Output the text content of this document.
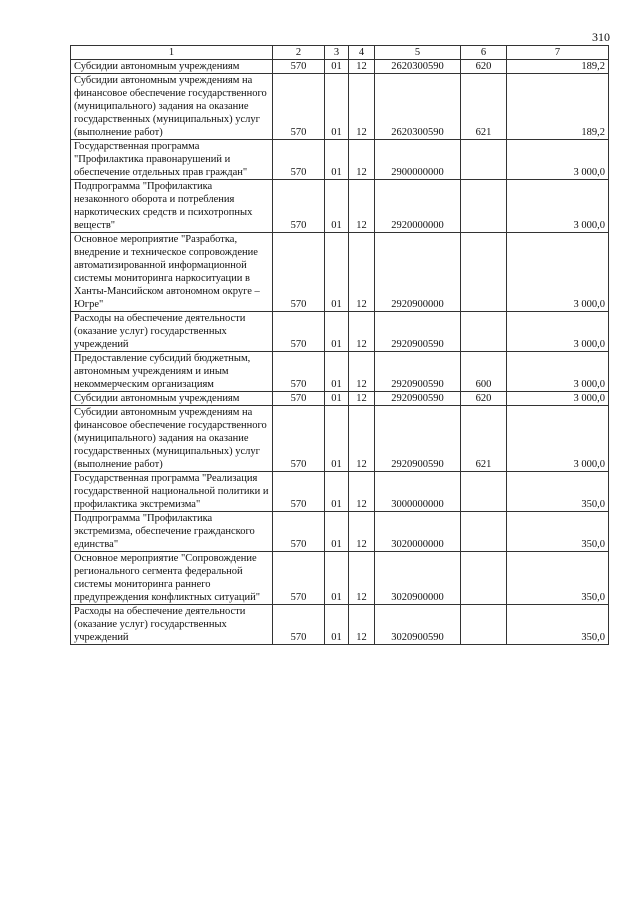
310
1	2	3	4	5	6	7
Субсидии автономным учреждениям	570	01	12	2620300590	620	189,2
Субсидии автономным учреждениям на финансовое обеспечение государственного (муниципального) задания на оказание государственных (муниципальных) услуг (выполнение работ)	570	01	12	2620300590	621	189,2
Государственная программа "Профилактика правонарушений и обеспечение отдельных прав граждан"	570	01	12	2900000000		3 000,0
Подпрограмма "Профилактика незаконного оборота и потребления наркотических средств и психотропных веществ"	570	01	12	2920000000		3 000,0
Основное мероприятие "Разработка, внедрение и техническое сопровождение автоматизированной информационной системы мониторинга наркоситуации в Ханты-Мансийском автономном округе – Югре"	570	01	12	2920900000		3 000,0
Расходы на обеспечение деятельности (оказание услуг) государственных учреждений	570	01	12	2920900590		3 000,0
Предоставление субсидий бюджетным, автономным учреждениям и иным некоммерческим организациям	570	01	12	2920900590	600	3 000,0
Субсидии автономным учреждениям	570	01	12	2920900590	620	3 000,0
Субсидии автономным учреждениям на финансовое обеспечение государственного (муниципального) задания на оказание государственных (муниципальных) услуг (выполнение работ)	570	01	12	2920900590	621	3 000,0
Государственная программа "Реализация государственной национальной политики и профилактика экстремизма"	570	01	12	3000000000		350,0
Подпрограмма "Профилактика экстремизма, обеспечение гражданского единства"	570	01	12	3020000000		350,0
Основное мероприятие "Сопровождение регионального сегмента федеральной системы мониторинга раннего предупреждения конфликтных ситуаций"	570	01	12	3020900000		350,0
Расходы на обеспечение деятельности (оказание услуг) государственных учреждений	570	01	12	3020900590		350,0
